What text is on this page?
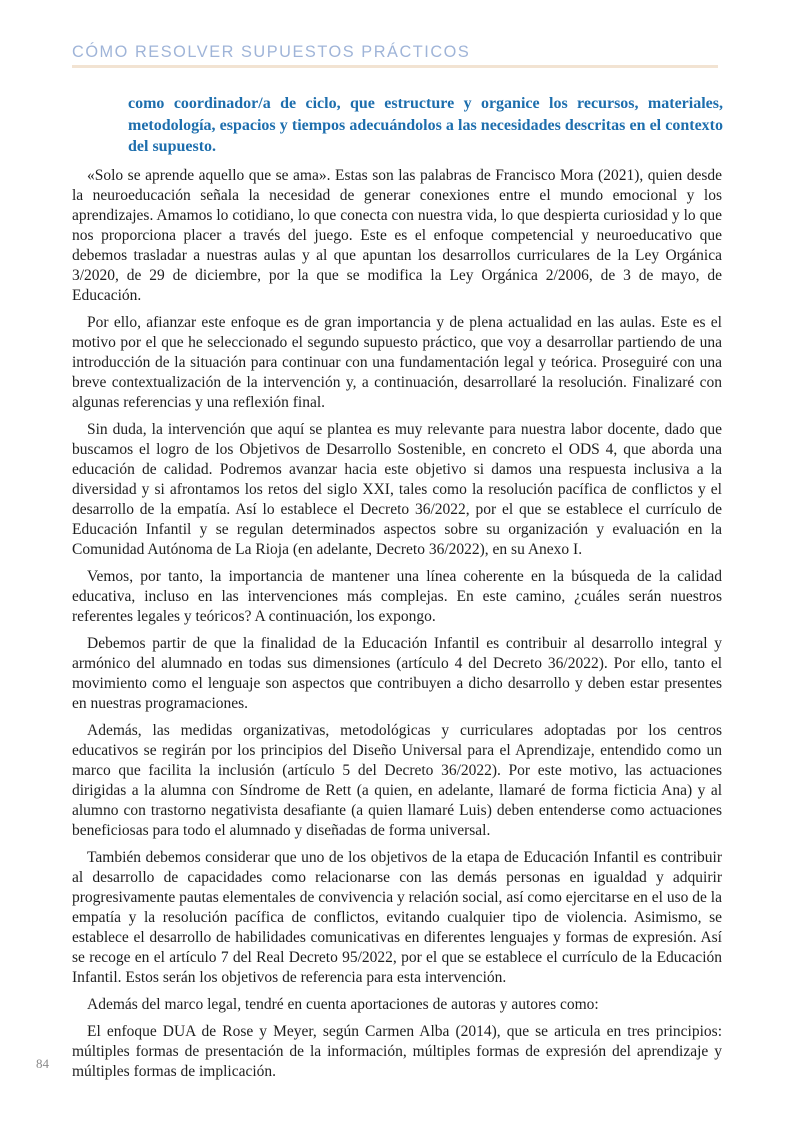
CÓMO RESOLVER SUPUESTOS PRÁCTICOS
como coordinador/a de ciclo, que estructure y organice los recursos, materiales, metodología, espacios y tiempos adecuándolos a las necesidades descritas en el contexto del supuesto.

«Solo se aprende aquello que se ama». Estas son las palabras de Francisco Mora (2021), quien desde la neuroeducación señala la necesidad de generar conexiones entre el mundo emocional y los aprendizajes. Amamos lo cotidiano, lo que conecta con nuestra vida, lo que despierta curiosidad y lo que nos proporciona placer a través del juego. Este es el enfoque competencial y neuroeducativo que debemos trasladar a nuestras aulas y al que apuntan los desarrollos curriculares de la Ley Orgánica 3/2020, de 29 de diciembre, por la que se modifica la Ley Orgánica 2/2006, de 3 de mayo, de Educación.

Por ello, afianzar este enfoque es de gran importancia y de plena actualidad en las aulas. Este es el motivo por el que he seleccionado el segundo supuesto práctico, que voy a desarrollar partiendo de una introducción de la situación para continuar con una fundamentación legal y teórica. Proseguiré con una breve contextualización de la intervención y, a continuación, desarrollaré la resolución. Finalizaré con algunas referencias y una reflexión final.

Sin duda, la intervención que aquí se plantea es muy relevante para nuestra labor docente, dado que buscamos el logro de los Objetivos de Desarrollo Sostenible, en concreto el ODS 4, que aborda una educación de calidad. Podremos avanzar hacia este objetivo si damos una respuesta inclusiva a la diversidad y si afrontamos los retos del siglo XXI, tales como la resolución pacífica de conflictos y el desarrollo de la empatía. Así lo establece el Decreto 36/2022, por el que se establece el currículo de Educación Infantil y se regulan determinados aspectos sobre su organización y evaluación en la Comunidad Autónoma de La Rioja (en adelante, Decreto 36/2022), en su Anexo I.

Vemos, por tanto, la importancia de mantener una línea coherente en la búsqueda de la calidad educativa, incluso en las intervenciones más complejas. En este camino, ¿cuáles serán nuestros referentes legales y teóricos? A continuación, los expongo.

Debemos partir de que la finalidad de la Educación Infantil es contribuir al desarrollo integral y armónico del alumnado en todas sus dimensiones (artículo 4 del Decreto 36/2022). Por ello, tanto el movimiento como el lenguaje son aspectos que contribuyen a dicho desarrollo y deben estar presentes en nuestras programaciones.

Además, las medidas organizativas, metodológicas y curriculares adoptadas por los centros educativos se regirán por los principios del Diseño Universal para el Aprendizaje, entendido como un marco que facilita la inclusión (artículo 5 del Decreto 36/2022). Por este motivo, las actuaciones dirigidas a la alumna con Síndrome de Rett (a quien, en adelante, llamaré de forma ficticia Ana) y al alumno con trastorno negativista desafiante (a quien llamaré Luis) deben entenderse como actuaciones beneficiosas para todo el alumnado y diseñadas de forma universal.

También debemos considerar que uno de los objetivos de la etapa de Educación Infantil es contribuir al desarrollo de capacidades como relacionarse con las demás personas en igualdad y adquirir progresivamente pautas elementales de convivencia y relación social, así como ejercitarse en el uso de la empatía y la resolución pacífica de conflictos, evitando cualquier tipo de violencia. Asimismo, se establece el desarrollo de habilidades comunicativas en diferentes lenguajes y formas de expresión. Así se recoge en el artículo 7 del Real Decreto 95/2022, por el que se establece el currículo de la Educación Infantil. Estos serán los objetivos de referencia para esta intervención.

Además del marco legal, tendré en cuenta aportaciones de autoras y autores como:

El enfoque DUA de Rose y Meyer, según Carmen Alba (2014), que se articula en tres principios: múltiples formas de presentación de la información, múltiples formas de expresión del aprendizaje y múltiples formas de implicación.

84
